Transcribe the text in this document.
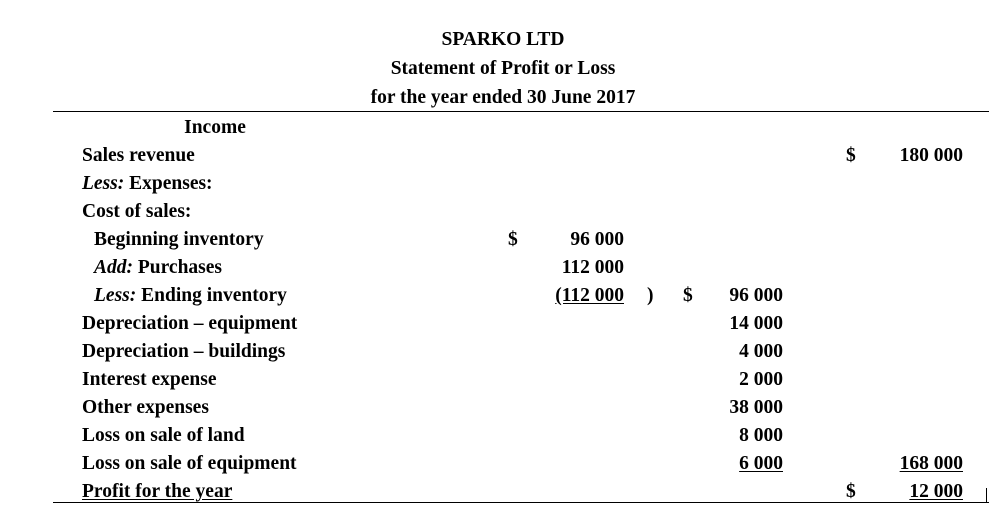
SPARKO LTD
Statement of Profit or Loss
for the year ended 30 June 2017
Income
Sales revenue	$	180 000
Less: Expenses:
Cost of sales:
Beginning inventory	$	96 000
Add: Purchases	112 000
Less: Ending inventory	(112 000 ) $	96 000
Depreciation – equipment	14 000
Depreciation – buildings	4 000
Interest expense	2 000
Other expenses	38 000
Loss on sale of land	8 000
Loss on sale of equipment	6 000	168 000
Profit for the year	$	12 000
